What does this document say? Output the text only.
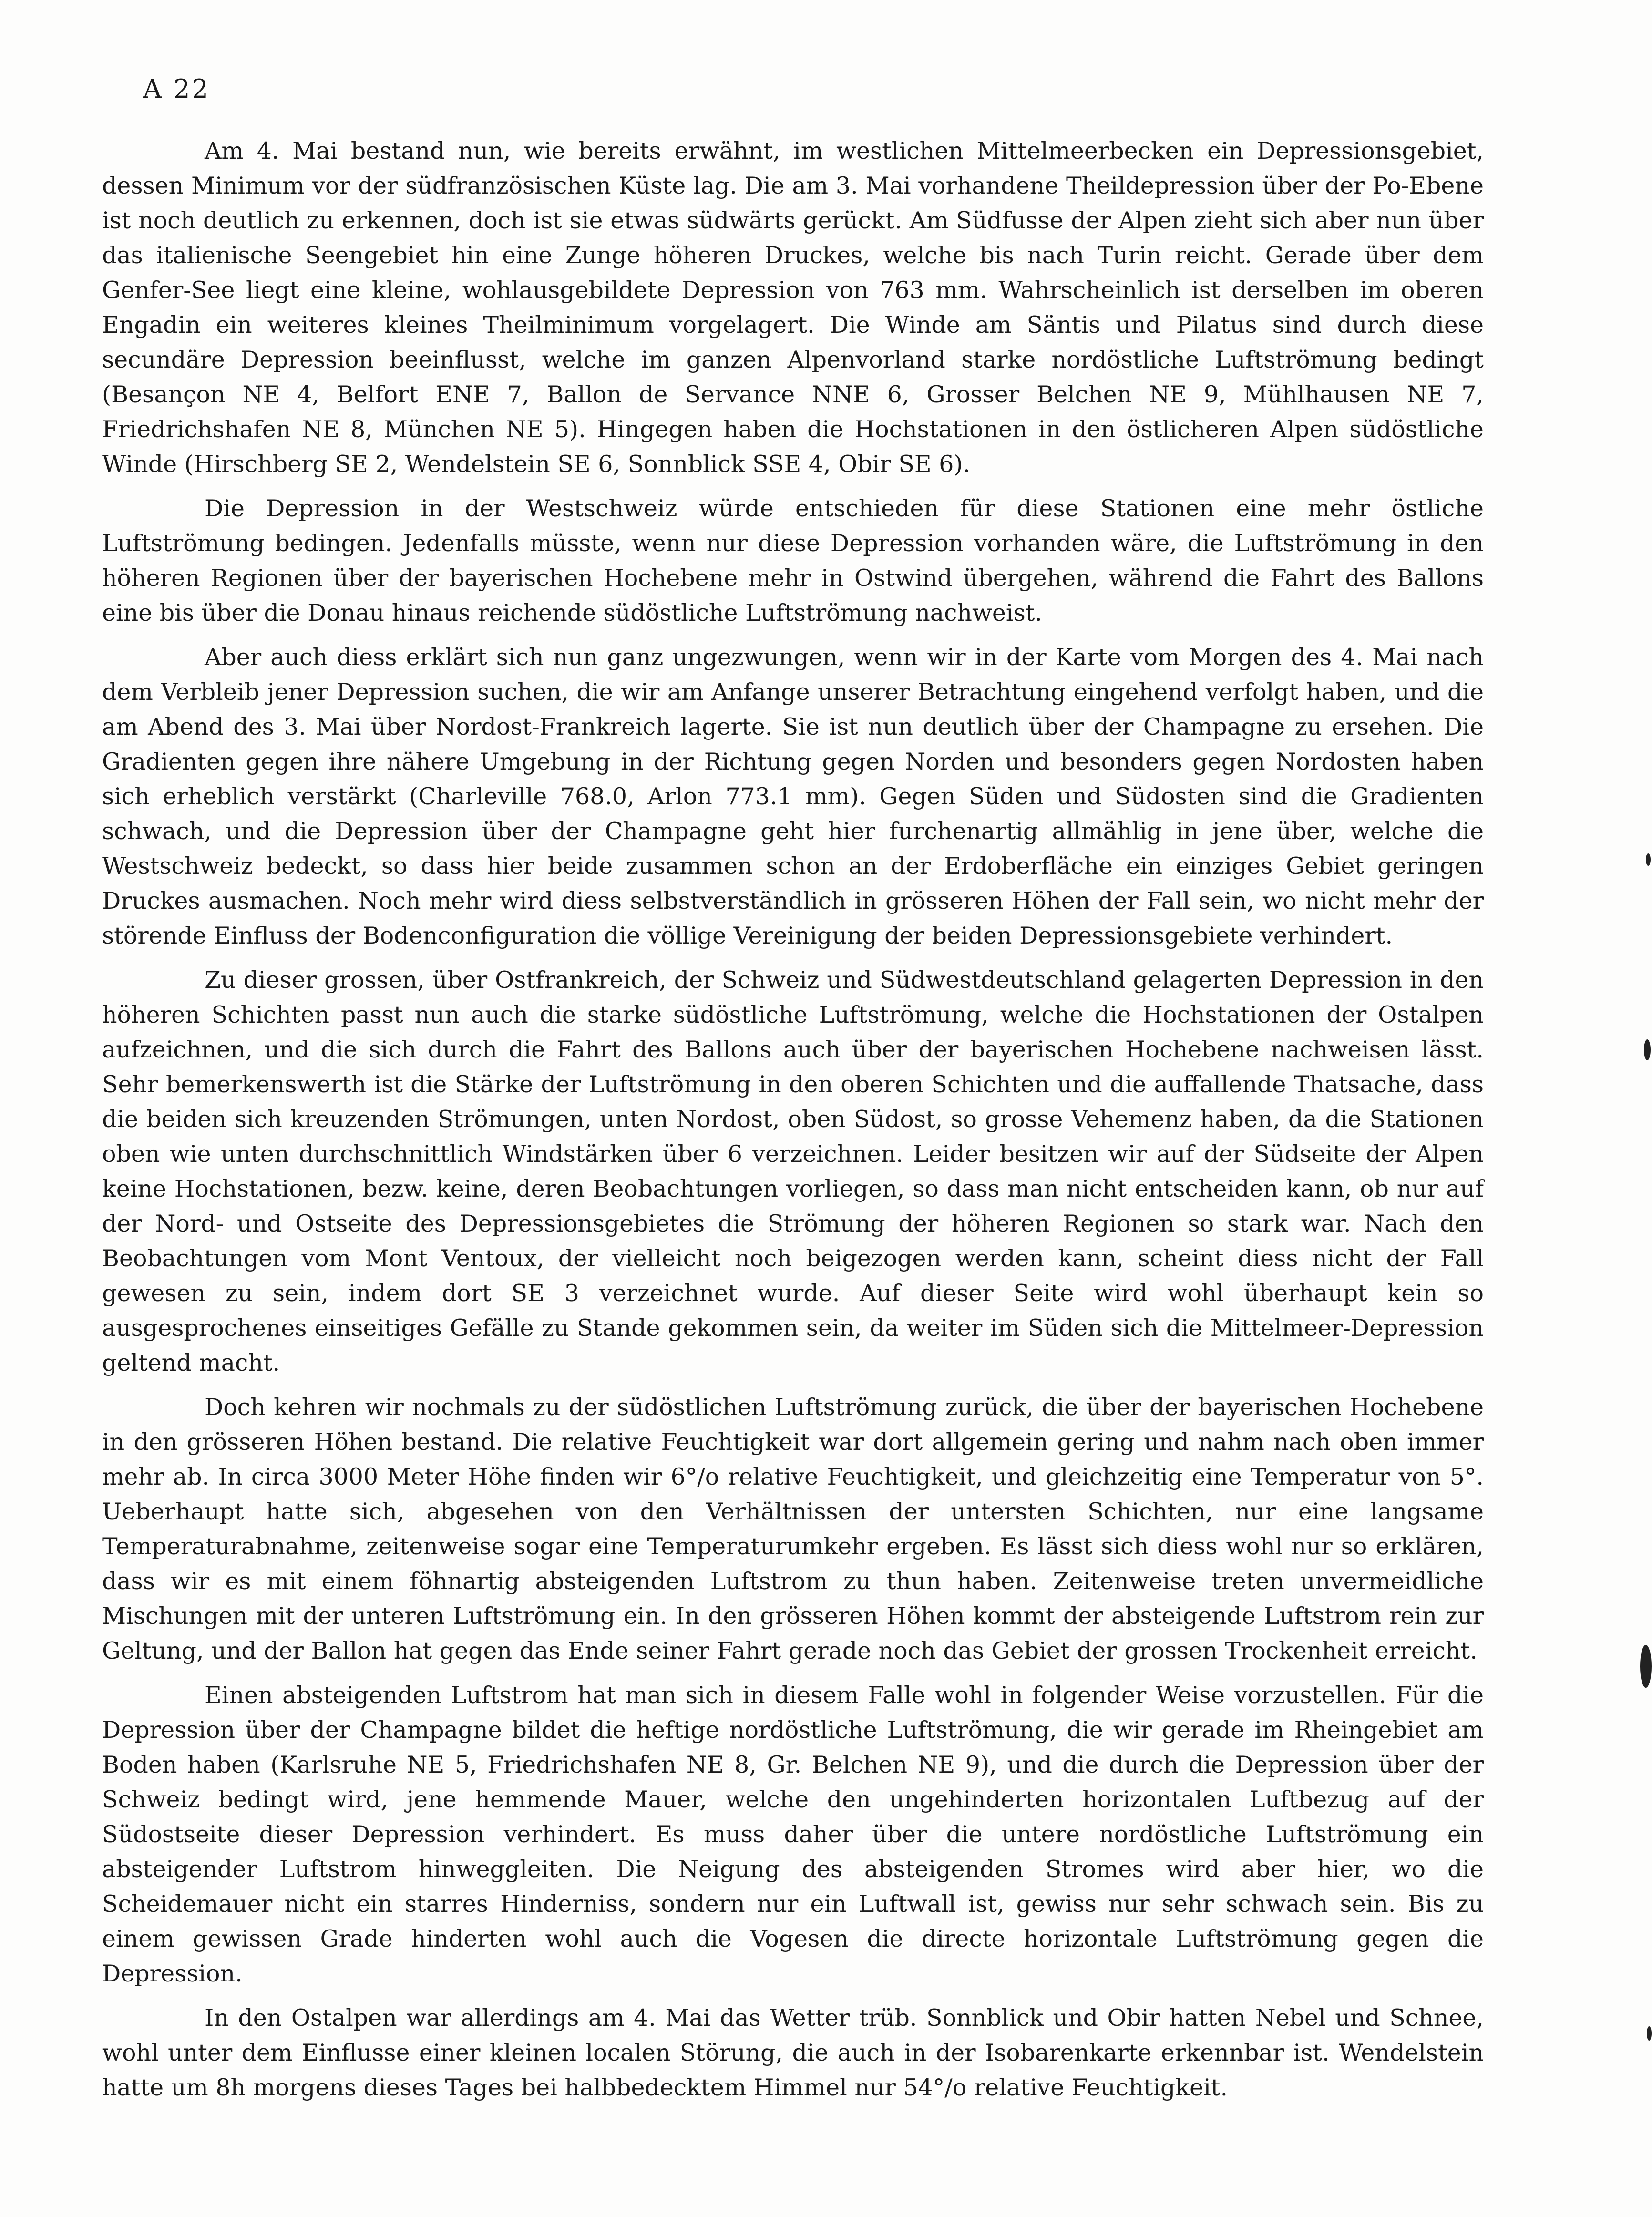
A 22

Am 4. Mai bestand nun, wie bereits erwähnt, im westlichen Mittelmeerbecken ein Depressionsgebiet, dessen Minimum vor der südfranzösischen Küste lag. Die am 3. Mai vorhandene Theildepression über der Po-Ebene ist noch deutlich zu erkennen, doch ist sie etwas südwärts gerückt. Am Südfusse der Alpen zieht sich aber nun über das italienische Seengebiet hin eine Zunge höheren Druckes, welche bis nach Turin reicht. Gerade über dem Genfer-See liegt eine kleine, wohlausgebildete Depression von 763 mm. Wahrscheinlich ist derselben im oberen Engadin ein weiteres kleines Theilminimum vorgelagert. Die Winde am Säntis und Pilatus sind durch diese secundäre Depression beeinflusst, welche im ganzen Alpenvorland starke nordöstliche Luftströmung bedingt (Besançon NE 4, Belfort ENE 7, Ballon de Servance NNE 6, Grosser Belchen NE 9, Mühlhausen NE 7, Friedrichshafen NE 8, München NE 5). Hingegen haben die Hochstationen in den östlicheren Alpen südöstliche Winde (Hirschberg SE 2, Wendelstein SE 6, Sonnblick SSE 4, Obir SE 6).

Die Depression in der Westschweiz würde entschieden für diese Stationen eine mehr östliche Luftströmung bedingen. Jedenfalls müsste, wenn nur diese Depression vorhanden wäre, die Luftströmung in den höheren Regionen über der bayerischen Hochebene mehr in Ostwind übergehen, während die Fahrt des Ballons eine bis über die Donau hinaus reichende südöstliche Luftströmung nachweist.

Aber auch diess erklärt sich nun ganz ungezwungen, wenn wir in der Karte vom Morgen des 4. Mai nach dem Verbleib jener Depression suchen, die wir am Anfange unserer Betrachtung eingehend verfolgt haben, und die am Abend des 3. Mai über Nordost-Frankreich lagerte. Sie ist nun deutlich über der Champagne zu ersehen. Die Gradienten gegen ihre nähere Umgebung in der Richtung gegen Norden und besonders gegen Nordosten haben sich erheblich verstärkt (Charleville 768.0, Arlon 773.1 mm). Gegen Süden und Südosten sind die Gradienten schwach, und die Depression über der Champagne geht hier furchenartig allmählig in jene über, welche die Westschweiz bedeckt, so dass hier beide zusammen schon an der Erdoberfläche ein einziges Gebiet geringen Druckes ausmachen. Noch mehr wird diess selbstverständlich in grösseren Höhen der Fall sein, wo nicht mehr der störende Einfluss der Bodenconfiguration die völlige Vereinigung der beiden Depressionsgebiete verhindert.

Zu dieser grossen, über Ostfrankreich, der Schweiz und Südwestdeutschland gelagerten Depression in den höheren Schichten passt nun auch die starke südöstliche Luftströmung, welche die Hochstationen der Ostalpen aufzeichnen, und die sich durch die Fahrt des Ballons auch über der bayerischen Hochebene nachweisen lässt. Sehr bemerkenswerth ist die Stärke der Luftströmung in den oberen Schichten und die auffallende Thatsache, dass die beiden sich kreuzenden Strömungen, unten Nordost, oben Südost, so grosse Vehemenz haben, da die Stationen oben wie unten durchschnittlich Windstärken über 6 verzeichnen. Leider besitzen wir auf der Südseite der Alpen keine Hochstationen, bezw. keine, deren Beobachtungen vorliegen, so dass man nicht entscheiden kann, ob nur auf der Nord- und Ostseite des Depressionsgebietes die Strömung der höheren Regionen so stark war. Nach den Beobachtungen vom Mont Ventoux, der vielleicht noch beigezogen werden kann, scheint diess nicht der Fall gewesen zu sein, indem dort SE 3 verzeichnet wurde. Auf dieser Seite wird wohl überhaupt kein so ausgesprochenes einseitiges Gefälle zu Stande gekommen sein, da weiter im Süden sich die Mittelmeer-Depression geltend macht.

Doch kehren wir nochmals zu der südöstlichen Luftströmung zurück, die über der bayerischen Hochebene in den grösseren Höhen bestand. Die relative Feuchtigkeit war dort allgemein gering und nahm nach oben immer mehr ab. In circa 3000 Meter Höhe finden wir 6°/o relative Feuchtigkeit, und gleichzeitig eine Temperatur von 5°. Ueberhaupt hatte sich, abgesehen von den Verhältnissen der untersten Schichten, nur eine langsame Temperaturabnahme, zeitenweise sogar eine Temperaturumkehr ergeben. Es lässt sich diess wohl nur so erklären, dass wir es mit einem föhnartig absteigenden Luftstrom zu thun haben. Zeitenweise treten unvermeidliche Mischungen mit der unteren Luftströmung ein. In den grösseren Höhen kommt der absteigende Luftstrom rein zur Geltung, und der Ballon hat gegen das Ende seiner Fahrt gerade noch das Gebiet der grossen Trockenheit erreicht.

Einen absteigenden Luftstrom hat man sich in diesem Falle wohl in folgender Weise vorzustellen. Für die Depression über der Champagne bildet die heftige nordöstliche Luftströmung, die wir gerade im Rheingebiet am Boden haben (Karlsruhe NE 5, Friedrichshafen NE 8, Gr. Belchen NE 9), und die durch die Depression über der Schweiz bedingt wird, jene hemmende Mauer, welche den ungehinderten horizontalen Luftbezug auf der Südostseite dieser Depression verhindert. Es muss daher über die untere nordöstliche Luftströmung ein absteigender Luftstrom hinweggleiten. Die Neigung des absteigenden Stromes wird aber hier, wo die Scheidemauer nicht ein starres Hinderniss, sondern nur ein Luftwall ist, gewiss nur sehr schwach sein. Bis zu einem gewissen Grade hinderten wohl auch die Vogesen die directe horizontale Luftströmung gegen die Depression.

In den Ostalpen war allerdings am 4. Mai das Wetter trüb. Sonnblick und Obir hatten Nebel und Schnee, wohl unter dem Einflusse einer kleinen localen Störung, die auch in der Isobarenkarte erkennbar ist. Wendelstein hatte um 8h morgens dieses Tages bei halbbedecktem Himmel nur 54°/o relative Feuchtigkeit.
